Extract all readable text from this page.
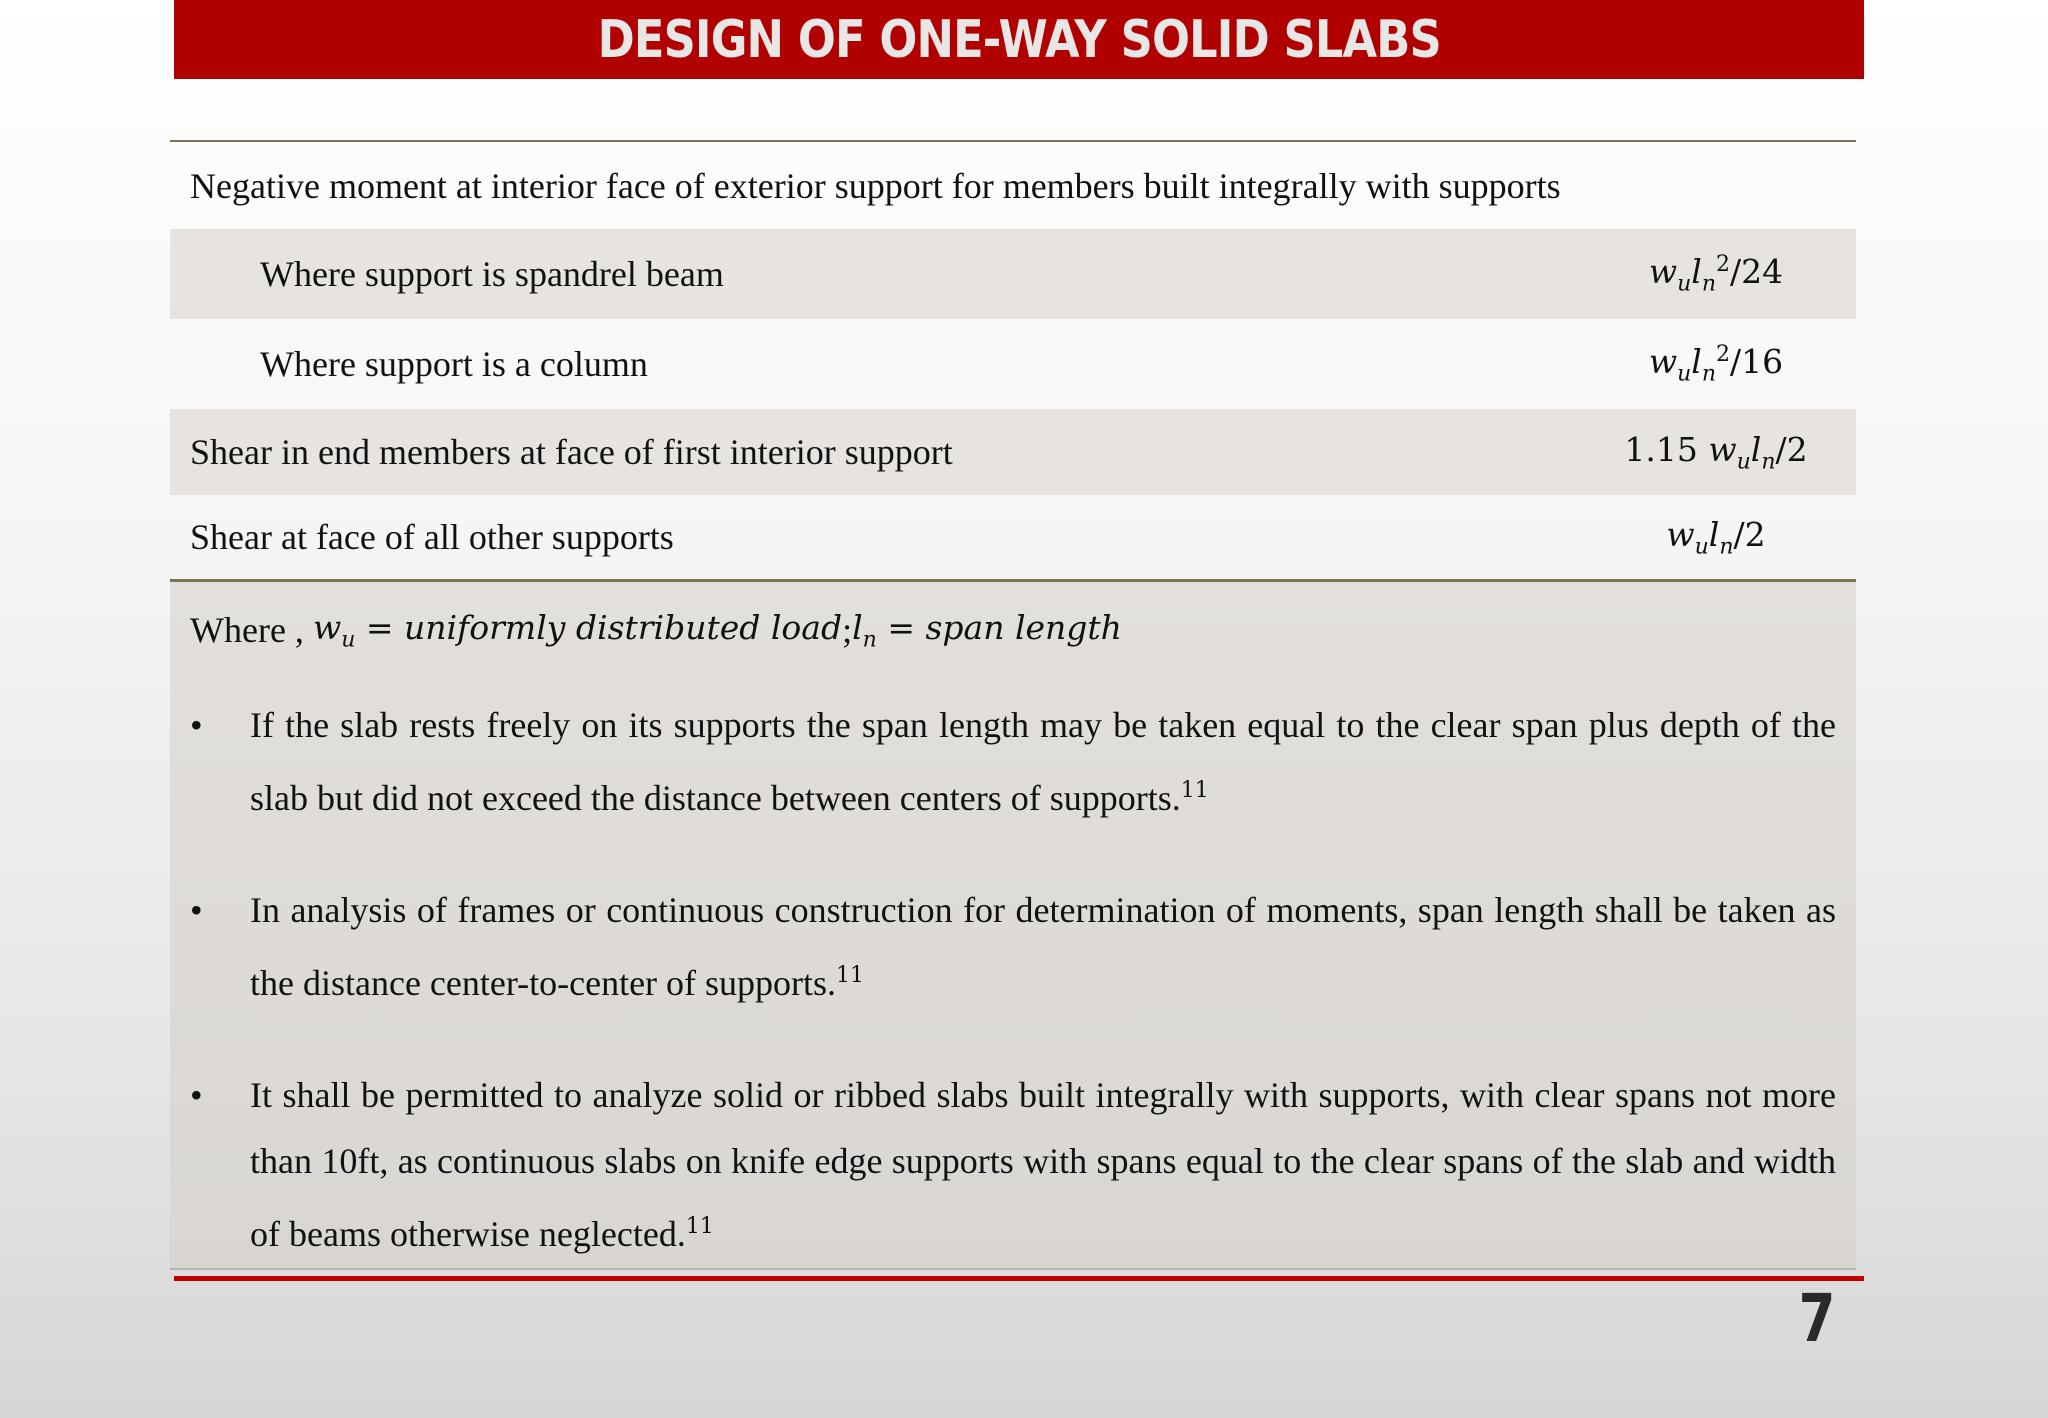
DESIGN OF ONE-WAY SOLID SLABS
Negative moment at interior face of exterior support for members built integrally with supports
Where support is spandrel beam	$w_ul_n^2/24$
Where support is a column	$w_ul_n^2/16$
Shear in end members at face of first interior support	1.15 $w_ul_n/2$
Shear at face of all other supports	$w_ul_n/2$
Where ,
$w_u$ = uniformly distributed load ; $l_n$ = span length
•	If the slab rests freely on its supports the span length may be taken equal to the clear span plus depth of the slab but did not exceed the distance between centers of supports.$^{11}$
•	In analysis of frames or continuous construction for determination of moments, span length shall be taken as the distance center-to-center of supports.$^{11}$
•	It shall be permitted to analyze solid or ribbed slabs built integrally with supports, with clear spans not more than 10ft, as continuous slabs on knife edge supports with spans equal to the clear spans of the slab and width of beams otherwise neglected.$^{11}$
7
